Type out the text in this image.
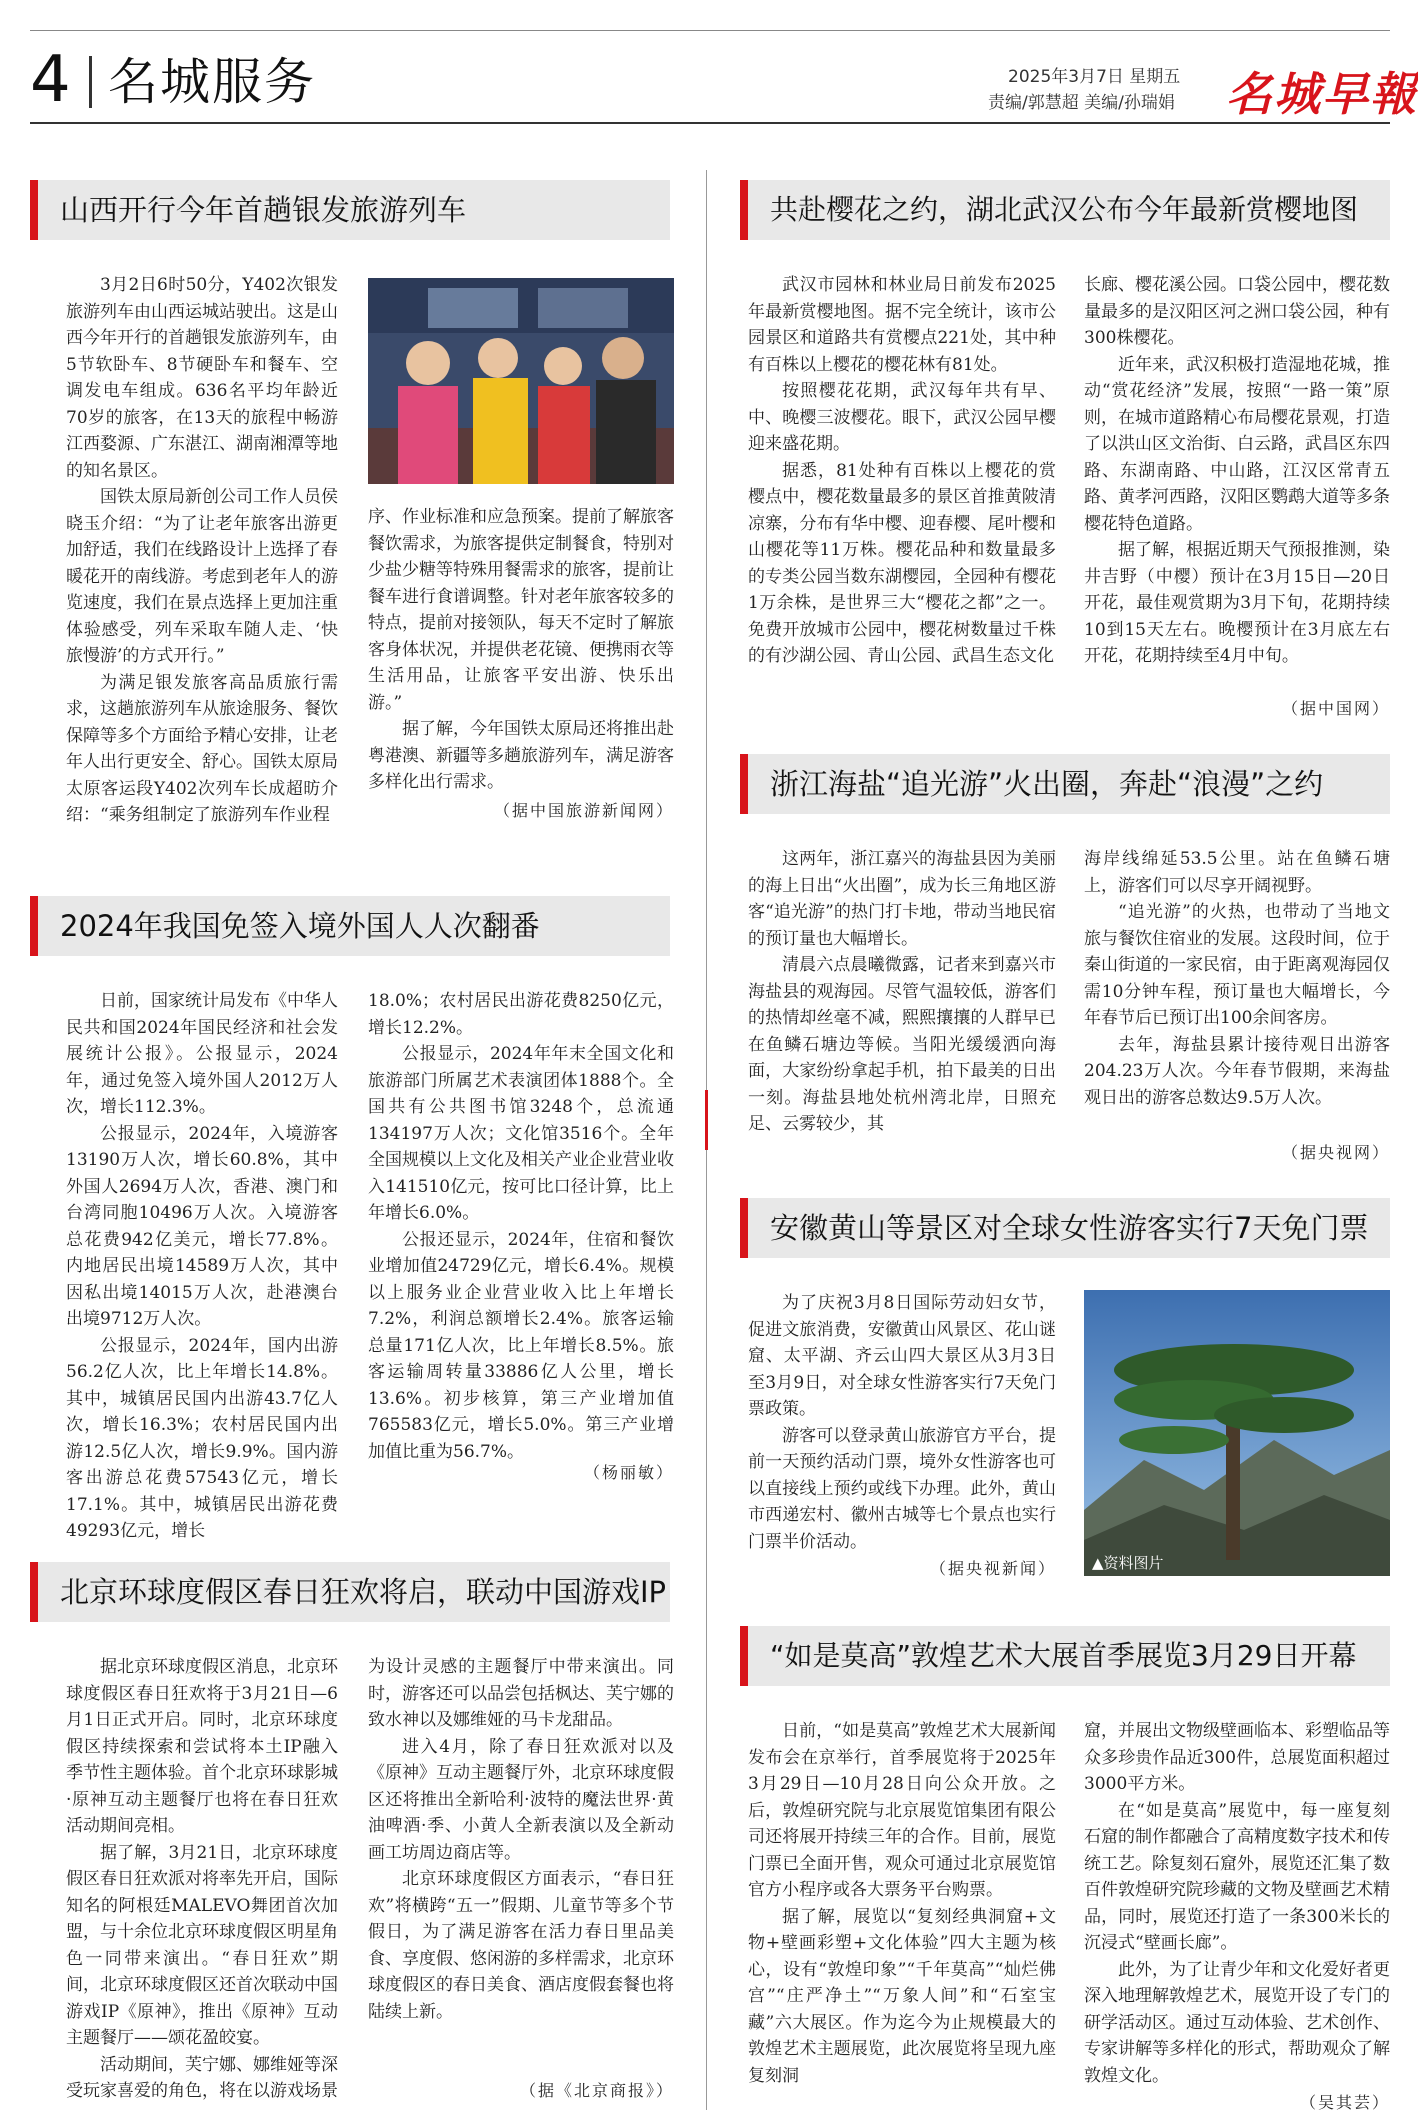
4 名城服务	2025年3月7日 星期五
责编/郭慧超 美编/孙瑞娟 名城早報
山西开行今年首趟银发旅游列车

3月2日6时50分，Y402次银发旅游列车由山西运城站驶出。这是山西今年开行的首趟银发旅游列车，由5节软卧车、8节硬卧车和餐车、空调发电车组成。636名平均年龄近70岁的旅客，在13天的旅程中畅游江西婺源、广东湛江、湖南湘潭等地的知名景区。

国铁太原局新创公司工作人员侯晓玉介绍：“为了让老年旅客出游更加舒适，我们在线路设计上选择了春暖花开的南线游。考虑到老年人的游览速度，我们在景点选择上更加注重体验感受，列车采取车随人走、‘快旅慢游’的方式开行。”

为满足银发旅客高品质旅行需求，这趟旅游列车从旅途服务、餐饮保障等多个方面给予精心安排，让老年人出行更安全、舒心。国铁太原局太原客运段Y402次列车长成超昉介绍：“乘务组制定了旅游列车作业程

序、作业标准和应急预案。提前了解旅客餐饮需求，为旅客提供定制餐食，特别对少盐少糖等特殊用餐需求的旅客，提前让餐车进行食谱调整。针对老年旅客较多的特点，提前对接领队，每天不定时了解旅客身体状况，并提供老花镜、便携雨衣等生活用品，让旅客平安出游、快乐出游。”

据了解，今年国铁太原局还将推出赴粤港澳、新疆等多趟旅游列车，满足游客多样化出行需求。

（据中国旅游新闻网）
2024年我国免签入境外国人人次翻番

日前，国家统计局发布《中华人民共和国2024年国民经济和社会发展统计公报》。公报显示，2024年，通过免签入境外国人2012万人次，增长112.3%。

公报显示，2024年，入境游客13190万人次，增长60.8%，其中外国人2694万人次，香港、澳门和台湾同胞10496万人次。入境游客总花费942亿美元，增长77.8%。内地居民出境14589万人次，其中因私出境14015万人次，赴港澳台出境9712万人次。

公报显示，2024年，国内出游56.2亿人次，比上年增长14.8%。其中，城镇居民国内出游43.7亿人次，增长16.3%；农村居民国内出游12.5亿人次，增长9.9%。国内游客出游总花费57543亿元，增长17.1%。其中，城镇居民出游花费49293亿元，增长

18.0%；农村居民出游花费8250亿元，增长12.2%。

公报显示，2024年年末全国文化和旅游部门所属艺术表演团体1888个。全国共有公共图书馆3248个，总流通134197万人次；文化馆3516个。全年全国规模以上文化及相关产业企业营业收入141510亿元，按可比口径计算，比上年增长6.0%。

公报还显示，2024年，住宿和餐饮业增加值24729亿元，增长6.4%。规模以上服务业企业营业收入比上年增长7.2%，利润总额增长2.4%。旅客运输总量171亿人次，比上年增长8.5%。旅客运输周转量33886亿人公里，增长13.6%。初步核算，第三产业增加值765583亿元，增长5.0%。第三产业增加值比重为56.7%。

（杨丽敏）
北京环球度假区春日狂欢将启，联动中国游戏IP

据北京环球度假区消息，北京环球度假区春日狂欢将于3月21日—6月1日正式开启。同时，北京环球度假区持续探索和尝试将本土IP融入季节性主题体验。首个北京环球影城·原神互动主题餐厅也将在春日狂欢活动期间亮相。

据了解，3月21日，北京环球度假区春日狂欢派对将率先开启，国际知名的阿根廷MALEVO舞团首次加盟，与十余位北京环球度假区明星角色一同带来演出。“春日狂欢”期间，北京环球度假区还首次联动中国游戏IP《原神》，推出《原神》互动主题餐厅——颂花盈皎宴。

活动期间，芙宁娜、娜维娅等深受玩家喜爱的角色，将在以游戏场景

为设计灵感的主题餐厅中带来演出。同时，游客还可以品尝包括枫达、芙宁娜的致水神以及娜维娅的马卡龙甜品。

进入4月，除了春日狂欢派对以及《原神》互动主题餐厅外，北京环球度假区还将推出全新哈利·波特的魔法世界·黄油啤酒·季、小黄人全新表演以及全新动画工坊周边商店等。

北京环球度假区方面表示，“春日狂欢”将横跨“五一”假期、儿童节等多个节假日，为了满足游客在活力春日里品美食、享度假、悠闲游的多样需求，北京环球度假区的春日美食、酒店度假套餐也将陆续上新。

（据《北京商报》）
共赴樱花之约，湖北武汉公布今年最新赏樱地图

武汉市园林和林业局日前发布2025年最新赏樱地图。据不完全统计，该市公园景区和道路共有赏樱点221处，其中种有百株以上樱花的樱花林有81处。

按照樱花花期，武汉每年共有早、中、晚樱三波樱花。眼下，武汉公园早樱迎来盛花期。

据悉，81处种有百株以上樱花的赏樱点中，樱花数量最多的景区首推黄陂清凉寨，分布有华中樱、迎春樱、尾叶樱和山樱花等11万株。樱花品种和数量最多的专类公园当数东湖樱园，全园种有樱花1万余株，是世界三大“樱花之都”之一。免费开放城市公园中，樱花树数量过千株的有沙湖公园、青山公园、武昌生态文化

长廊、樱花溪公园。口袋公园中，樱花数量最多的是汉阳区河之洲口袋公园，种有300株樱花。

近年来，武汉积极打造湿地花城，推动“赏花经济”发展，按照“一路一策”原则，在城市道路精心布局樱花景观，打造了以洪山区文治街、白云路，武昌区东四路、东湖南路、中山路，江汉区常青五路、黄孝河西路，汉阳区鹦鹉大道等多条樱花特色道路。

据了解，根据近期天气预报推测，染井吉野（中樱）预计在3月15日—20日开花，最佳观赏期为3月下旬，花期持续10到15天左右。晚樱预计在3月底左右开花，花期持续至4月中旬。

（据中国网）
浙江海盐“追光游”火出圈，奔赴“浪漫”之约

这两年，浙江嘉兴的海盐县因为美丽的海上日出“火出圈”，成为长三角地区游客“追光游”的热门打卡地，带动当地民宿的预订量也大幅增长。

清晨六点晨曦微露，记者来到嘉兴市海盐县的观海园。尽管气温较低，游客们的热情却丝毫不减，熙熙攘攘的人群早已在鱼鳞石塘边等候。当阳光缓缓洒向海面，大家纷纷拿起手机，拍下最美的日出一刻。海盐县地处杭州湾北岸，日照充足、云雾较少，其

海岸线绵延53.5公里。站在鱼鳞石塘上，游客们可以尽享开阔视野。

“追光游”的火热，也带动了当地文旅与餐饮住宿业的发展。这段时间，位于秦山街道的一家民宿，由于距离观海园仅需10分钟车程，预订量也大幅增长，今年春节后已预订出100余间客房。

去年，海盐县累计接待观日出游客204.23万人次。今年春节假期，来海盐观日出的游客总数达9.5万人次。

（据央视网）
安徽黄山等景区对全球女性游客实行7天免门票

为了庆祝3月8日国际劳动妇女节，促进文旅消费，安徽黄山风景区、花山谜窟、太平湖、齐云山四大景区从3月3日至3月9日，对全球女性游客实行7天免门票政策。

游客可以登录黄山旅游官方平台，提前一天预约活动门票，境外女性游客也可以直接线上预约或线下办理。此外，黄山市西递宏村、徽州古城等七个景点也实行门票半价活动。

（据央视新闻） ▲资料图片
“如是莫高”敦煌艺术大展首季展览3月29日开幕

日前，“如是莫高”敦煌艺术大展新闻发布会在京举行，首季展览将于2025年3月29日—10月28日向公众开放。之后，敦煌研究院与北京展览馆集团有限公司还将展开持续三年的合作。目前，展览门票已全面开售，观众可通过北京展览馆官方小程序或各大票务平台购票。

据了解，展览以“复刻经典洞窟+文物+壁画彩塑+文化体验”四大主题为核心，设有“敦煌印象”“千年莫高”“灿烂佛宫”“庄严净土”“万象人间”和“石室宝藏”六大展区。作为迄今为止规模最大的敦煌艺术主题展览，此次展览将呈现九座复刻洞

窟，并展出文物级壁画临本、彩塑临品等众多珍贵作品近300件，总展览面积超过3000平方米。

在“如是莫高”展览中，每一座复刻石窟的制作都融合了高精度数字技术和传统工艺。除复刻石窟外，展览还汇集了数百件敦煌研究院珍藏的文物及壁画艺术精品，同时，展览还打造了一条300米长的沉浸式“壁画长廊”。

此外，为了让青少年和文化爱好者更深入地理解敦煌艺术，展览开设了专门的研学活动区。通过互动体验、艺术创作、专家讲解等多样化的形式，帮助观众了解敦煌文化。

（吴其芸）
